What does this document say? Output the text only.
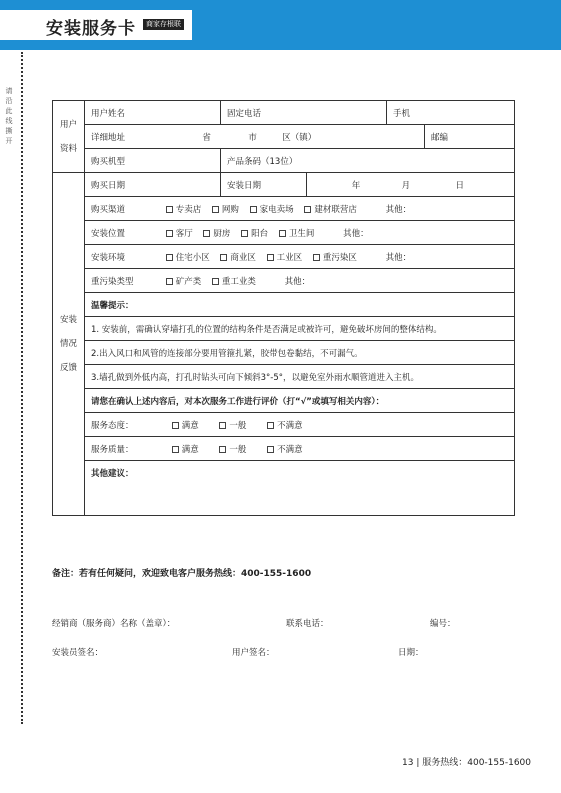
安装服务卡	商家存根联
请沿此线撕开
用户
资料	用户姓名	固定电话		手机	
	详细地址 省 市 区（镇）				邮编
	购买机型	产品条码（13位）			

安装
情况
反馈	购买日期	安装日期	年 月 日		
	购买渠道 专卖店 网购 家电卖场 建材联营店 其他：				
	安装位置 客厅 厨房 阳台 卫生间 其他：				
	安装环境 住宅小区 商业区 工业区 重污染区 其他：				
	重污染类型 矿产类 重工业类 其他：				
	温馨提示：				
	1. 安装前，需确认穿墙打孔的位置的结构条件是否满足或被许可，避免破坏房间的整体结构。				
	2.出入风口和风管的连接部分要用管箍扎紧，胶带包卷黏结，不可漏气。				
	3.墙孔做到外低内高，打孔时钻头可向下倾斜3°-5°，以避免室外雨水顺管道进入主机。				
	请您在确认上述内容后，对本次服务工作进行评价（打“√”或填写相关内容）：				
	服务态度： 满意 一般 不满意				
	服务质量： 满意 一般 不满意				
	其他建议：				
备注：若有任何疑问，欢迎致电客户服务热线：400-155-1600
经销商（服务商）名称（盖章）：	联系电话：	编号：
安装员签名：	用户签名：	日期：
13 | 服务热线：400-155-1600
